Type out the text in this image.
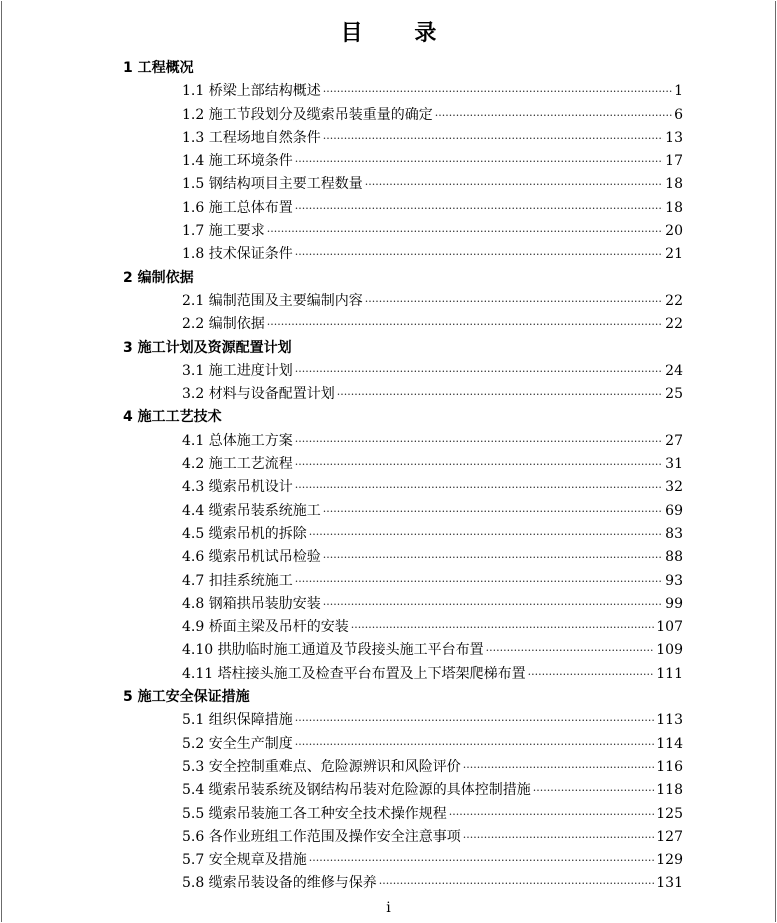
目 录
1 工程概况
1.1 桥梁上部结构概述 ·····	1
1.2 施工节段划分及缆索吊装重量的确定 ·····	6
1.3 工程场地自然条件 ·····	13
1.4 施工环境条件 ·····	17
1.5 钢结构项目主要工程数量 ·····	18
1.6 施工总体布置 ·····	18
1.7 施工要求 ·····	20
1.8 技术保证条件 ·····	21
2 编制依据
2.1 编制范围及主要编制内容 ·····	22
2.2 编制依据 ·····	22
3 施工计划及资源配置计划
3.1 施工进度计划 ·····	24
3.2 材料与设备配置计划 ·····	25
4 施工工艺技术
4.1 总体施工方案 ·····	27
4.2 施工工艺流程 ·····	31
4.3 缆索吊机设计 ·····	32
4.4 缆索吊装系统施工 ·····	69
4.5 缆索吊机的拆除 ·····	83
4.6 缆索吊机试吊检验 ·····	88
4.7 扣挂系统施工 ·····	93
4.8 钢箱拱吊装肋安装 ·····	99
4.9 桥面主梁及吊杆的安装 ·····	107
4.10 拱肋临时施工通道及节段接头施工平台布置 ·····	109
4.11 塔柱接头施工及检查平台布置及上下塔架爬梯布置 ·····	111
5 施工安全保证措施
5.1 组织保障措施 ·····	113
5.2 安全生产制度 ·····	114
5.3 安全控制重难点、危险源辨识和风险评价 ·····	116
5.4 缆索吊装系统及钢结构吊装对危险源的具体控制措施 ·····	118
5.5 缆索吊装施工各工种安全技术操作规程 ·····	125
5.6 各作业班组工作范围及操作安全注意事项 ·····	127
5.7 安全规章及措施 ·····	129
5.8 缆索吊装设备的维修与保养 ·····	131
i
